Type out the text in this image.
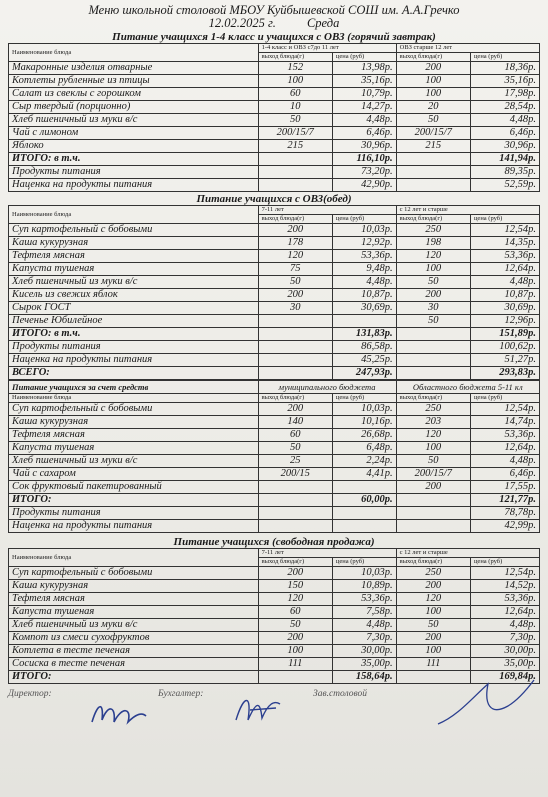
Меню школьной столовой МБОУ Куйбышевской СОШ им. А.А.Гречко
12.02.2025 г. Среда
Питание учащихся 1-4 класс и учащихся с ОВЗ (горячий завтрак)
Наименование блюда	1-4 класс и ОВЗ с7до 11 лет		ОВЗ старше 12 лет	
	выход блюда(г)	цена (руб)	выход блюда(г)	цена (руб)
Макаронные изделия отварные	152	13,98р.	200	18,36р.
Котлеты рубленные из птицы	100	35,16р.	100	35,16р.
Салат из свеклы с горошком	60	10,79р.	100	17,98р.
Сыр твердый (порционно)	10	14,27р.	20	28,54р.
Хлеб пшеничный из муки в/с	50	4,48р.	50	4,48р.
Чай с лимоном	200/15/7	6,46р.	200/15/7	6,46р.
Яблоко	215	30,96р.	215	30,96р.
ИТОГО: в т.ч.		116,10р.		141,94р.
Продукты питания		73,20р.		89,35р.
Наценка на продукты питания		42,90р.		52,59р.
Питание учащихся с ОВЗ(обед)
Наименование блюда	7-11 лет		с 12 лет и старше	
	выход блюда(г)	цена (руб)	выход блюда(г)	цена (руб)
Суп картофельный с бобовыми	200	10,03р.	250	12,54р.
Каша кукурузная	178	12,92р.	198	14,35р.
Тефтеля мясная	120	53,36р.	120	53,36р.
Капуста тушеная	75	9,48р.	100	12,64р.
Хлеб пшеничный из муки в/с	50	4,48р.	50	4,48р.
Кисель из свежих яблок	200	10,87р.	200	10,87р.
Сырок ГОСТ	30	30,69р.	30	30,69р.
Печенье Юбилейное			50	12,96р.
ИТОГО: в т.ч.		131,83р.		151,89р.
Продукты питания		86,58р.		100,62р.
Наценка на продукты питания		45,25р.		51,27р.
ВСЕГО:		247,93р.		293,83р.
Питание учащихся за счет средств	муниципального бюджета		Областного бюджета 5-11 кл	
Наименование блюда	выход блюда(г)	цена (руб)	выход блюда(г)	цена (руб)
Суп картофельный с бобовыми	200	10,03р.	250	12,54р.
Каша кукурузная	140	10,16р.	203	14,74р.
Тефтеля мясная	60	26,68р.	120	53,36р.
Капуста тушеная	50	6,48р.	100	12,64р.
Хлеб пшеничный из муки в/с	25	2,24р.	50	4,48р.
Чай с сахаром	200/15	4,41р.	200/15/7	6,46р.
Сок фруктовый пакетированный			200	17,55р.
ИТОГО:		60,00р.		121,77р.
Продукты питания				78,78р.
Наценка на продукты питания				42,99р.
Питание учащихся (свободная продажа)
Наименование блюда	7-11 лет		с 12 лет и старше	
	выход блюда(г)	цена (руб)	выход блюда(г)	цена (руб)
Суп картофельный с бобовыми	200	10,03р.	250	12,54р.
Каша кукурузная	150	10,89р.	200	14,52р.
Тефтеля мясная	120	53,36р.	120	53,36р.
Капуста тушеная	60	7,58р.	100	12,64р.
Хлеб пшеничный из муки в/с	50	4,48р.	50	4,48р.
Компот из смеси сухофруктов	200	7,30р.	200	7,30р.
Котлета в тесте печеная	100	30,00р.	100	30,00р.
Сосиска в тесте печеная	111	35,00р.	111	35,00р.
ИТОГО:		158,64р.		169,84р.
Директор:	Бухгалтер:	Зав.столовой
